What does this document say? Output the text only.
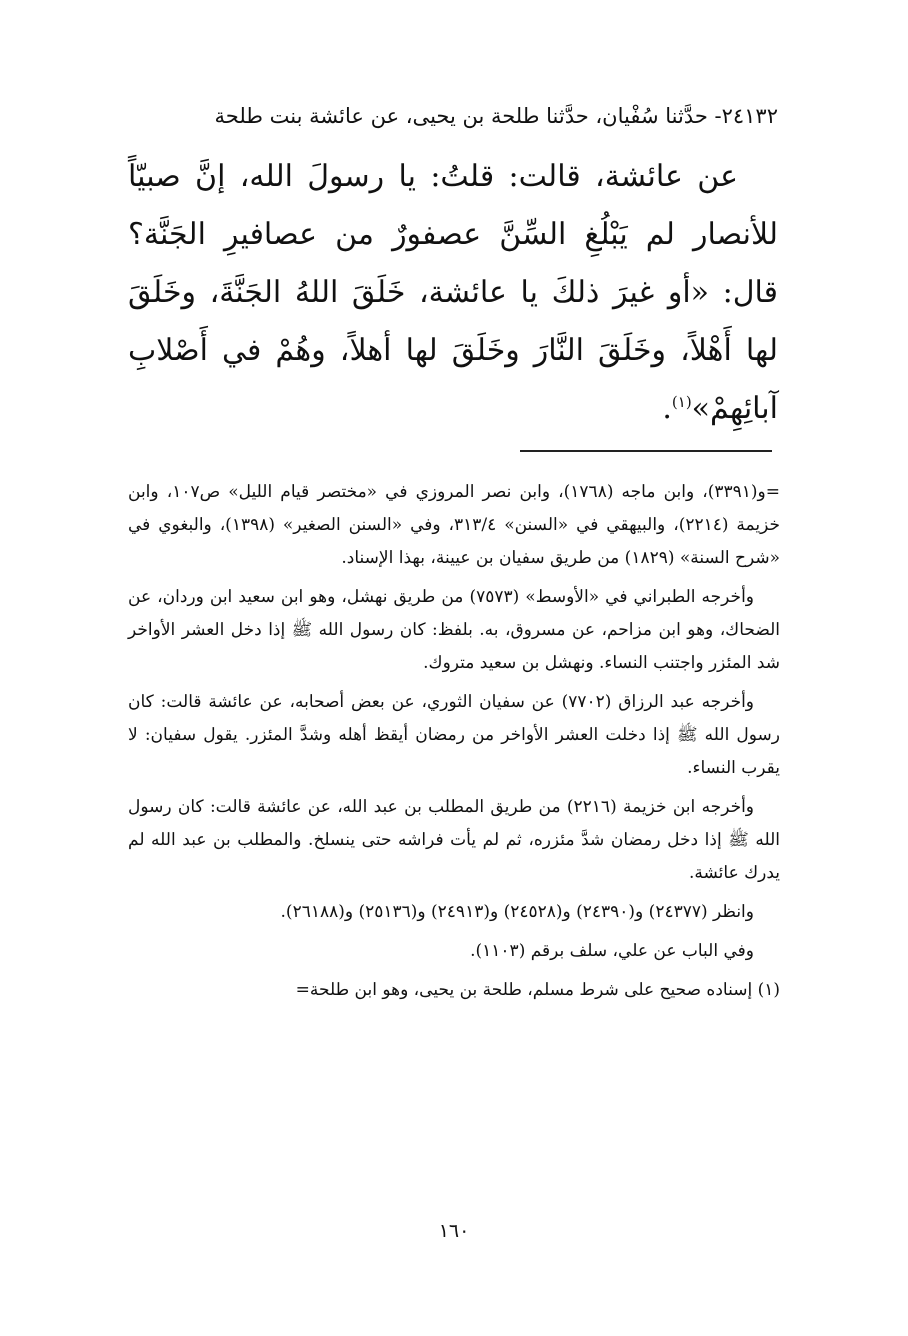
٢٤١٣٢- حدَّثنا سُفْيان، حدَّثنا طلحة بن يحيى، عن عائشة بنت طلحة

عن عائشة، قالت: قلتُ: يا رسولَ الله، إنَّ صبيّاً للأنصار لم يَبْلُغِ السِّنَّ عصفورٌ من عصافيرِ الجَنَّة؟ قال: «أو غيرَ ذلكَ يا عائشة، خَلَقَ اللهُ الجَنَّةَ، وخَلَقَ لها أَهْلاً، وخَلَقَ النَّارَ وخَلَقَ لها أهلاً، وهُمْ في أَصْلابِ آبائِهِمْ»$^{(١)}$.

=و(٣٣٩١)، وابن ماجه (١٧٦٨)، وابن نصر المروزي في «مختصر قيام الليل» ص١٠٧، وابن خزيمة (٢٢١٤)، والبيهقي في «السنن» ٣١٣/٤، وفي «السنن الصغير» (١٣٩٨)، والبغوي في «شرح السنة» (١٨٢٩) من طريق سفيان بن عيينة، بهذا الإسناد.

وأخرجه الطبراني في «الأوسط» (٧٥٧٣) من طريق نهشل، وهو ابن سعيد ابن وردان، عن الضحاك، وهو ابن مزاحم، عن مسروق، به. بلفظ: كان رسول الله ﷺ إذا دخل العشر الأواخر شد المئزر واجتنب النساء. ونهشل بن سعيد متروك.

وأخرجه عبد الرزاق (٧٧٠٢) عن سفيان الثوري، عن بعض أصحابه، عن عائشة قالت: كان رسول الله ﷺ إذا دخلت العشر الأواخر من رمضان أيقظ أهله وشدَّ المئزر. يقول سفيان: لا يقرب النساء.

وأخرجه ابن خزيمة (٢٢١٦) من طريق المطلب بن عبد الله، عن عائشة قالت: كان رسول الله ﷺ إذا دخل رمضان شدَّ مئزره، ثم لم يأت فراشه حتى ينسلخ. والمطلب بن عبد الله لم يدرك عائشة.

وانظر (٢٤٣٧٧) و(٢٤٣٩٠) و(٢٤٥٢٨) و(٢٤٩١٣) و(٢٥١٣٦) و(٢٦١٨٨).

وفي الباب عن علي، سلف برقم (١١٠٣).

(١) إسناده صحيح على شرط مسلم، طلحة بن يحيى، وهو ابن طلحة=

١٦٠
